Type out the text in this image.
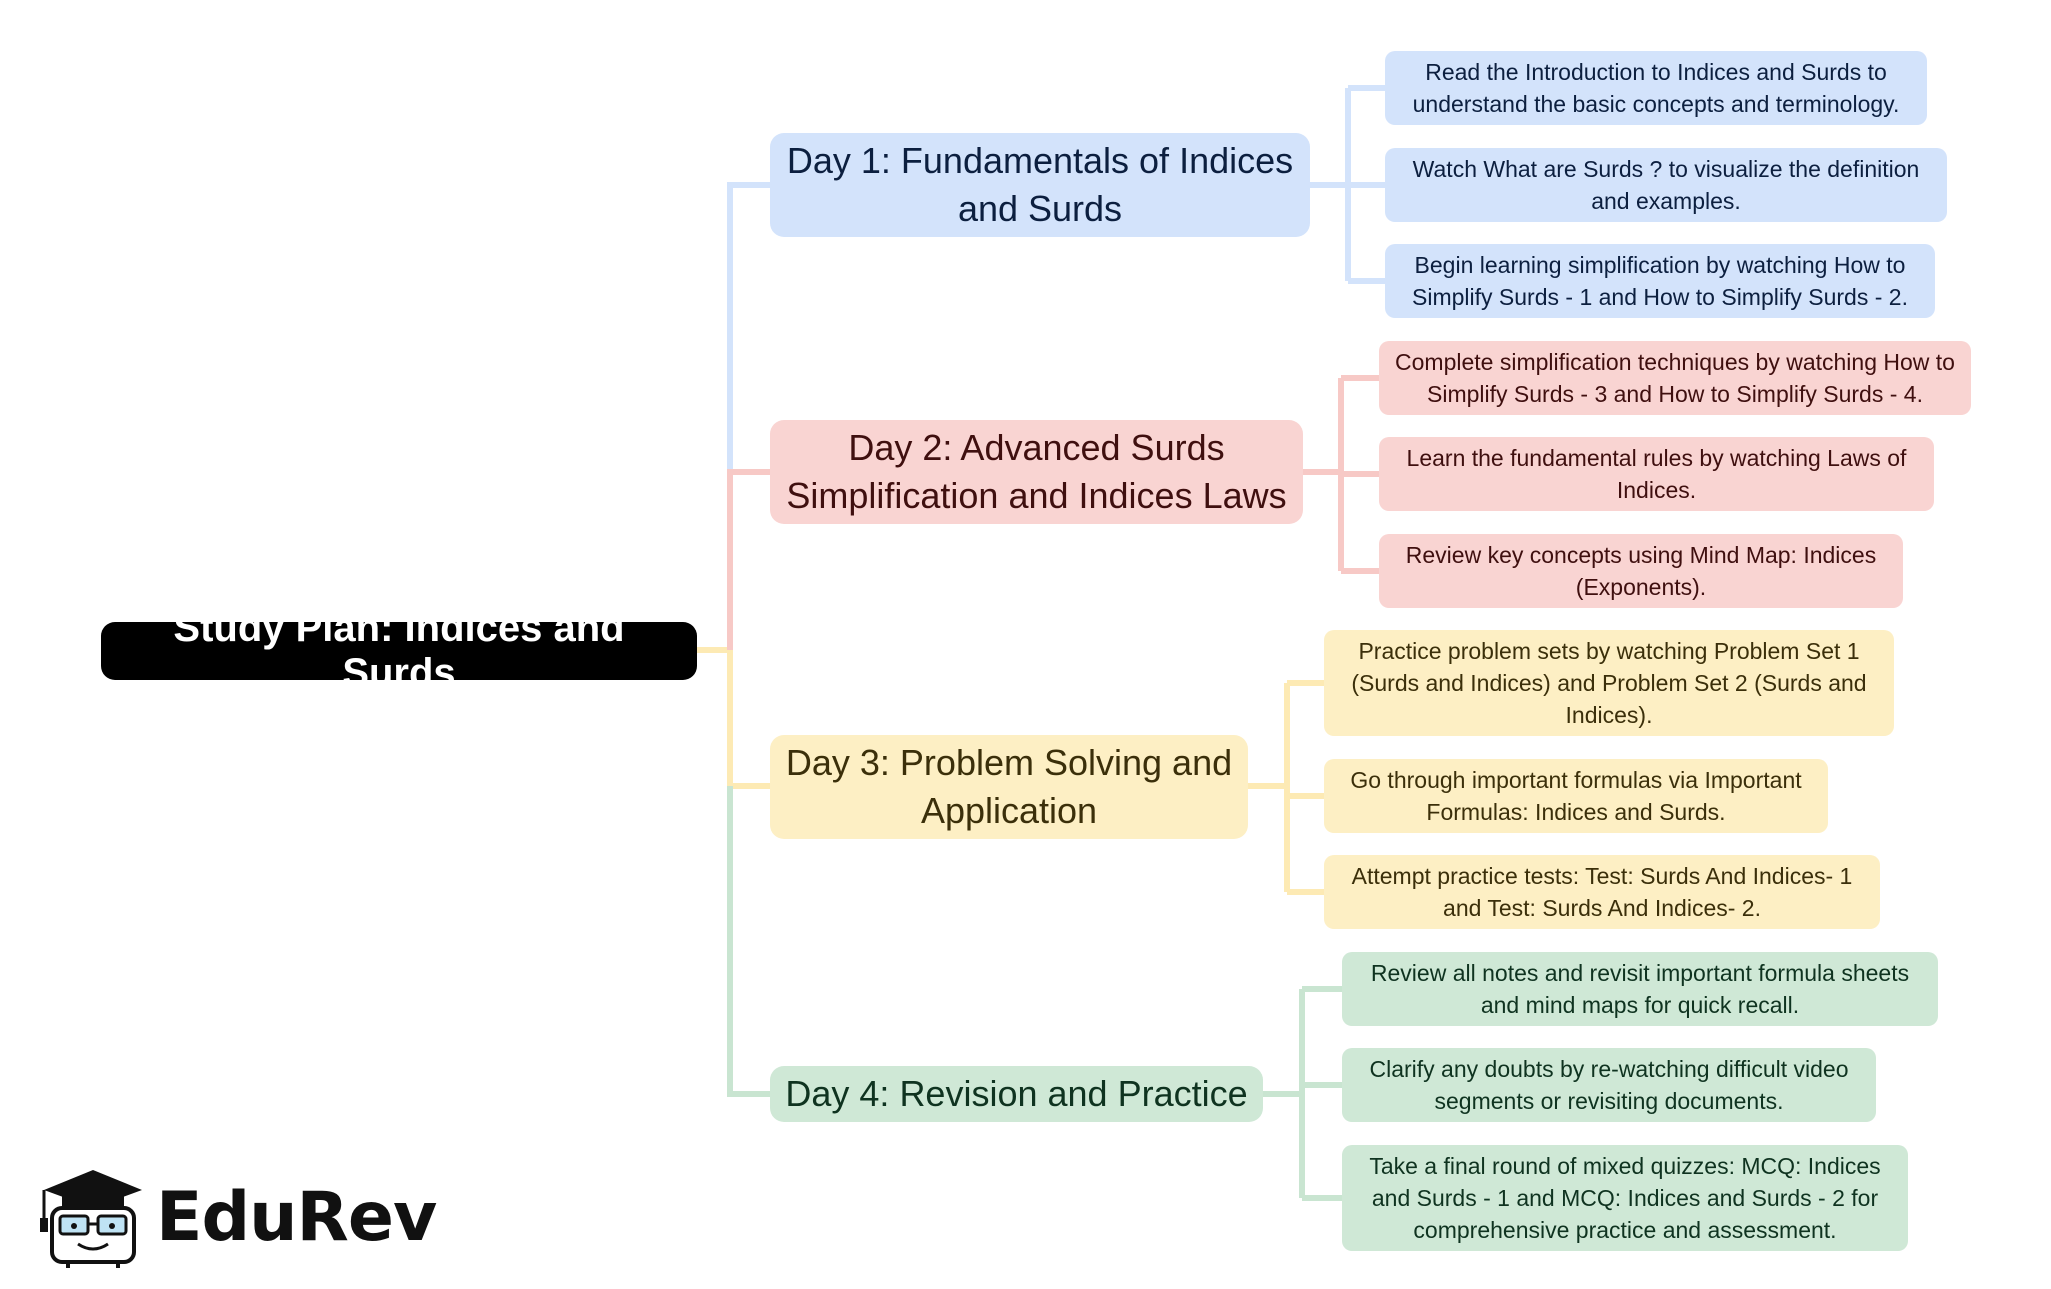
Study Plan: Indices and Surds
Day 1: Fundamentals of Indices and Surds
Read the Introduction to Indices and Surds to understand the basic concepts and terminology.
Watch What are Surds ? to visualize the definition and examples.
Begin learning simplification by watching How to Simplify Surds - 1 and How to Simplify Surds - 2.
Day 2: Advanced Surds Simplification and Indices Laws
Complete simplification techniques by watching How to Simplify Surds - 3 and How to Simplify Surds - 4.
Learn the fundamental rules by watching Laws of Indices.
Review key concepts using Mind Map: Indices (Exponents).
Day 3: Problem Solving and Application
Practice problem sets by watching Problem Set 1 (Surds and Indices) and Problem Set 2 (Surds and Indices).
Go through important formulas via Important Formulas: Indices and Surds.
Attempt practice tests: Test: Surds And Indices- 1 and Test: Surds And Indices- 2.
Day 4: Revision and Practice
Review all notes and revisit important formula sheets and mind maps for quick recall.
Clarify any doubts by re-watching difficult video segments or revisiting documents.
Take a final round of mixed quizzes: MCQ: Indices and Surds - 1 and MCQ: Indices and Surds - 2 for comprehensive practice and assessment.
EduRev
